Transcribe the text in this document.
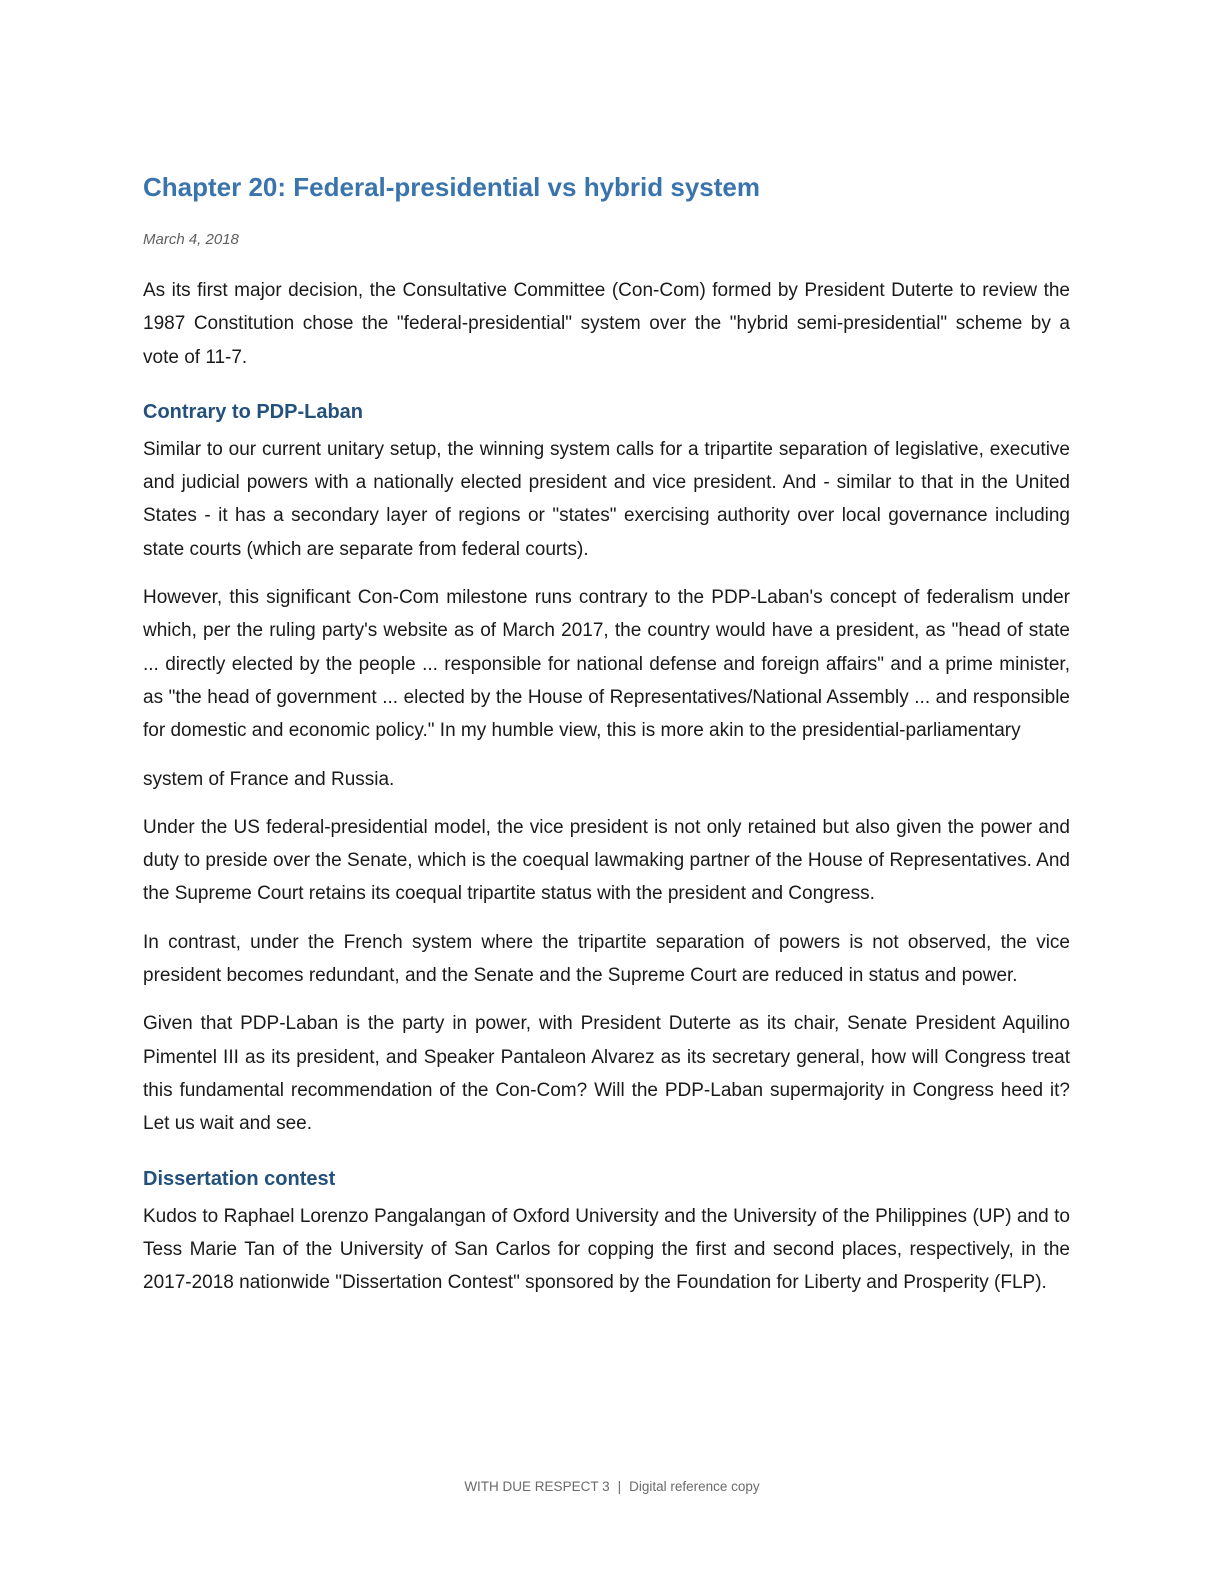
Chapter 20: Federal-presidential vs hybrid system

March 4, 2018

As its first major decision, the Consultative Committee (Con-Com) formed by President Duterte to review the 1987 Constitution chose the "federal-presidential" system over the "hybrid semi-presidential" scheme by a vote of 11-7.

Contrary to PDP-Laban

Similar to our current unitary setup, the winning system calls for a tripartite separation of legislative, executive and judicial powers with a nationally elected president and vice president. And - similar to that in the United States - it has a secondary layer of regions or "states" exercising authority over local governance including state courts (which are separate from federal courts).

However, this significant Con-Com milestone runs contrary to the PDP-Laban's concept of federalism under which, per the ruling party's website as of March 2017, the country would have a president, as "head of state ... directly elected by the people ... responsible for national defense and foreign affairs" and a prime minister, as "the head of government ... elected by the House of Representatives/National Assembly ... and responsible for domestic and economic policy." In my humble view, this is more akin to the presidential-parliamentary

system of France and Russia.

Under the US federal-presidential model, the vice president is not only retained but also given the power and duty to preside over the Senate, which is the coequal lawmaking partner of the House of Representatives. And the Supreme Court retains its coequal tripartite status with the president and Congress.

In contrast, under the French system where the tripartite separation of powers is not observed, the vice president becomes redundant, and the Senate and the Supreme Court are reduced in status and power.

Given that PDP-Laban is the party in power, with President Duterte as its chair, Senate President Aquilino Pimentel III as its president, and Speaker Pantaleon Alvarez as its secretary general, how will Congress treat this fundamental recommendation of the Con-Com? Will the PDP-Laban supermajority in Congress heed it? Let us wait and see.

Dissertation contest

Kudos to Raphael Lorenzo Pangalangan of Oxford University and the University of the Philippines (UP) and to Tess Marie Tan of the University of San Carlos for copping the first and second places, respectively, in the 2017-2018 nationwide "Dissertation Contest" sponsored by the Foundation for Liberty and Prosperity (FLP).

WITH DUE RESPECT 3 | Digital reference copy
